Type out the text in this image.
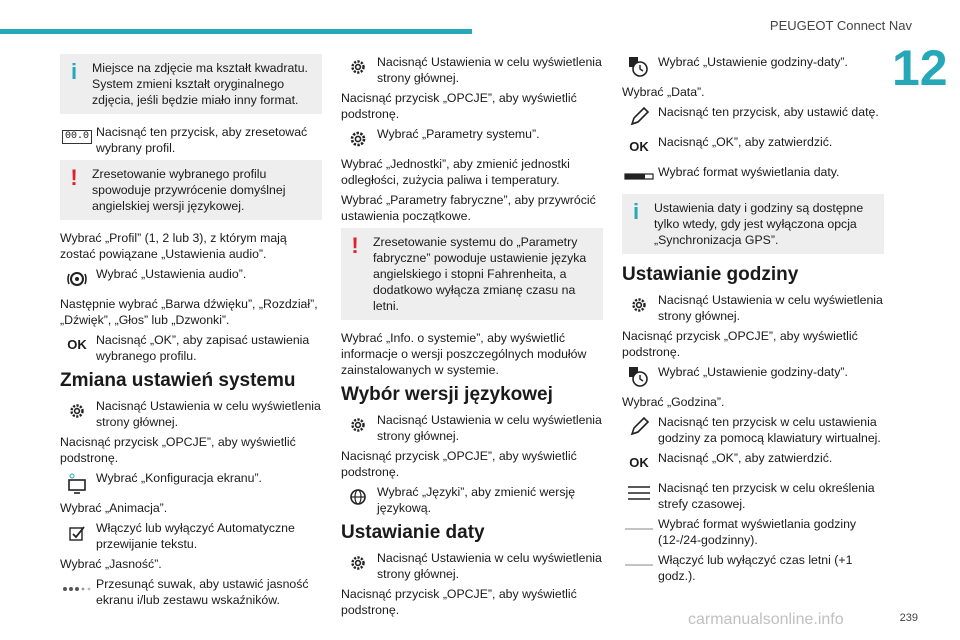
PEUGEOT Connect Nav
12
i	Miejsce na zdjęcie ma kształt kwadratu. System zmieni kształt oryginalnego zdjęcia, jeśli będzie miało inny format.
00.0 Nacisnąć ten przycisk, aby zresetować wybrany profil.
!	Zresetowanie wybranego profilu spowoduje przywrócenie domyślnej angielskiej wersji językowej.

Wybrać „Profil” (1, 2 lub 3), z którym mają zostać powiązane „Ustawienia audio”.

Wybrać „Ustawienia audio”.

Następnie wybrać „Barwa dźwięku”, „Rozdział”, „Dźwięk”, „Głos” lub „Dzwonki”.

OK Nacisnąć „OK”, aby zapisać ustawienia wybranego profilu.
Zmiana ustawień systemu
Nacisnąć Ustawienia w celu wyświetlenia strony głównej.

Nacisnąć przycisk „OPCJE”, aby wyświetlić podstronę.

Wybrać „Konfiguracja ekranu”.

Wybrać „Animacja”.

Włączyć lub wyłączyć Automatyczne przewijanie tekstu.

Wybrać „Jasność”.

Przesunąć suwak, aby ustawić jasność ekranu i/lub zestawu wskaźników.
Nacisnąć Ustawienia w celu wyświetlenia strony głównej.

Nacisnąć przycisk „OPCJE”, aby wyświetlić podstronę.

Wybrać „Parametry systemu”.

Wybrać „Jednostki”, aby zmienić jednostki odległości, zużycia paliwa i temperatury.

Wybrać „Parametry fabryczne”, aby przywrócić ustawienia początkowe.

!	Zresetowanie systemu do „Parametry fabryczne” powoduje ustawienie języka angielskiego i stopni Fahrenheita, a dodatkowo wyłącza zmianę czasu na letni.

Wybrać „Info. o systemie”, aby wyświetlić informacje o wersji poszczególnych modułów zainstalowanych w systemie.

Wybór wersji językowej
Nacisnąć Ustawienia w celu wyświetlenia strony głównej.

Nacisnąć przycisk „OPCJE”, aby wyświetlić podstronę.

Wybrać „Języki”, aby zmienić wersję językową.
Ustawianie daty
Nacisnąć Ustawienia w celu wyświetlenia strony głównej.

Nacisnąć przycisk „OPCJE”, aby wyświetlić podstronę.

Wybrać „Ustawienie godziny-daty”.

Wybrać „Data”.

Nacisnąć ten przycisk, aby ustawić datę.
OK Nacisnąć „OK”, aby zatwierdzić.
Wybrać format wyświetlania daty.
i	Ustawienia daty i godziny są dostępne tylko wtedy, gdy jest wyłączona opcja „Synchronizacja GPS”.
Ustawianie godziny
Nacisnąć Ustawienia w celu wyświetlenia strony głównej.

Nacisnąć przycisk „OPCJE”, aby wyświetlić podstronę.

Wybrać „Ustawienie godziny-daty”.

Wybrać „Godzina”.

Nacisnąć ten przycisk w celu ustawienia godziny za pomocą klawiatury wirtualnej.
OK Nacisnąć „OK”, aby zatwierdzić.
Nacisnąć ten przycisk w celu określenia strefy czasowej.
Wybrać format wyświetlania godziny (12-/24-godzinny).
Włączyć lub wyłączyć czas letni (+1 godz.).
carmanualsonline.info	239
